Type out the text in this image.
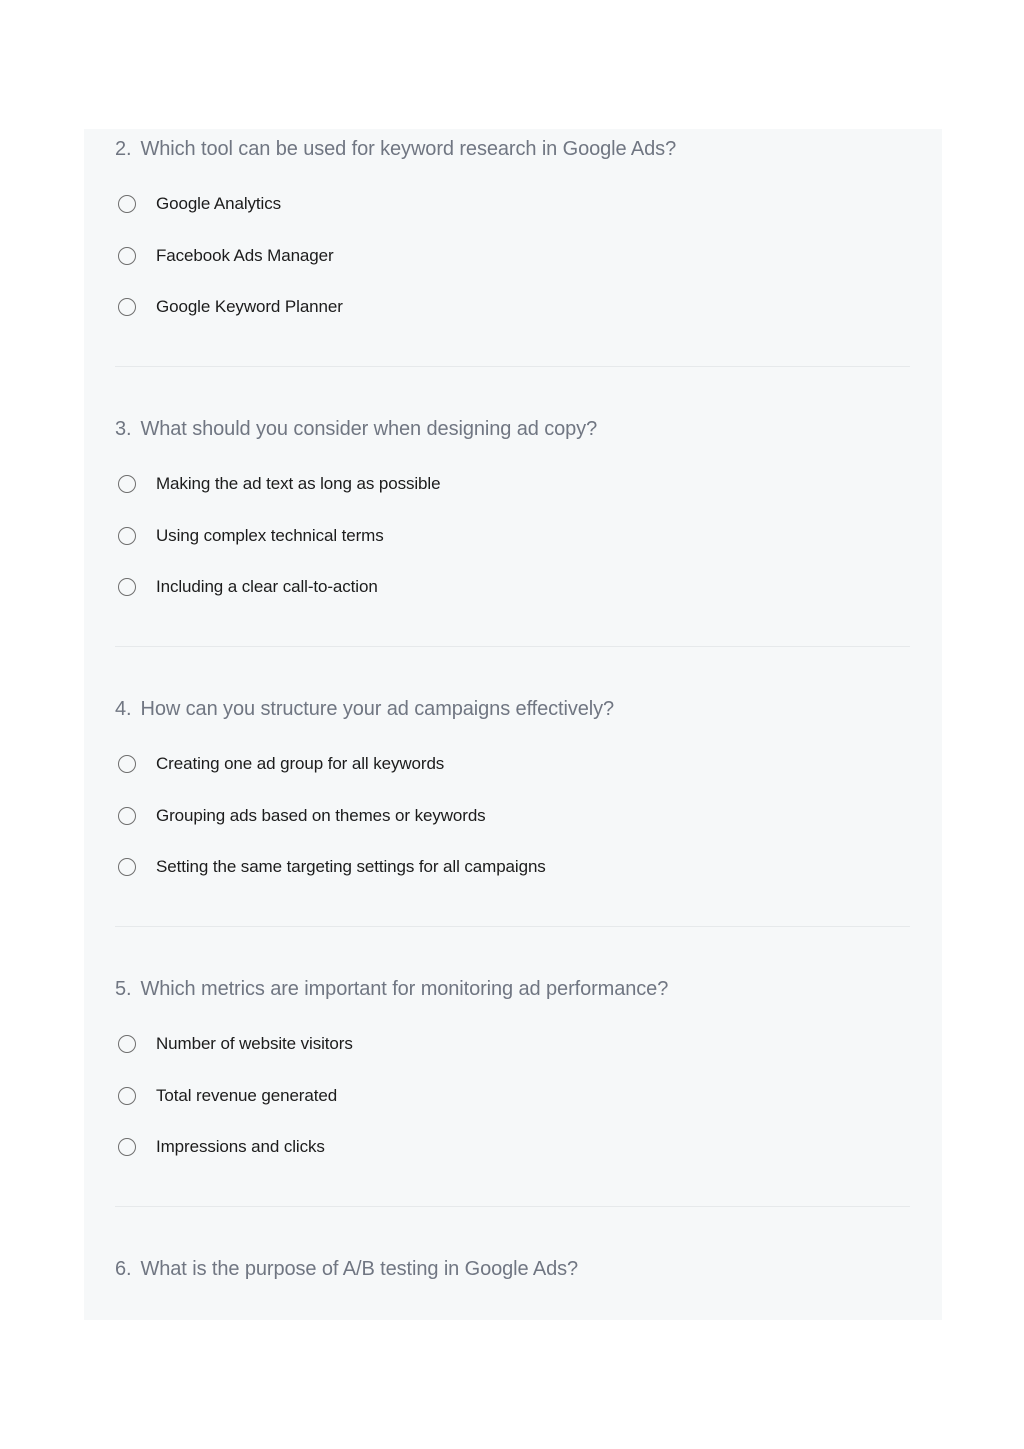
2. Which tool can be used for keyword research in Google Ads?
Google Analytics
Facebook Ads Manager
Google Keyword Planner
3. What should you consider when designing ad copy?
Making the ad text as long as possible
Using complex technical terms
Including a clear call-to-action
4. How can you structure your ad campaigns effectively?
Creating one ad group for all keywords
Grouping ads based on themes or keywords
Setting the same targeting settings for all campaigns
5. Which metrics are important for monitoring ad performance?
Number of website visitors
Total revenue generated
Impressions and clicks
6. What is the purpose of A/B testing in Google Ads?
